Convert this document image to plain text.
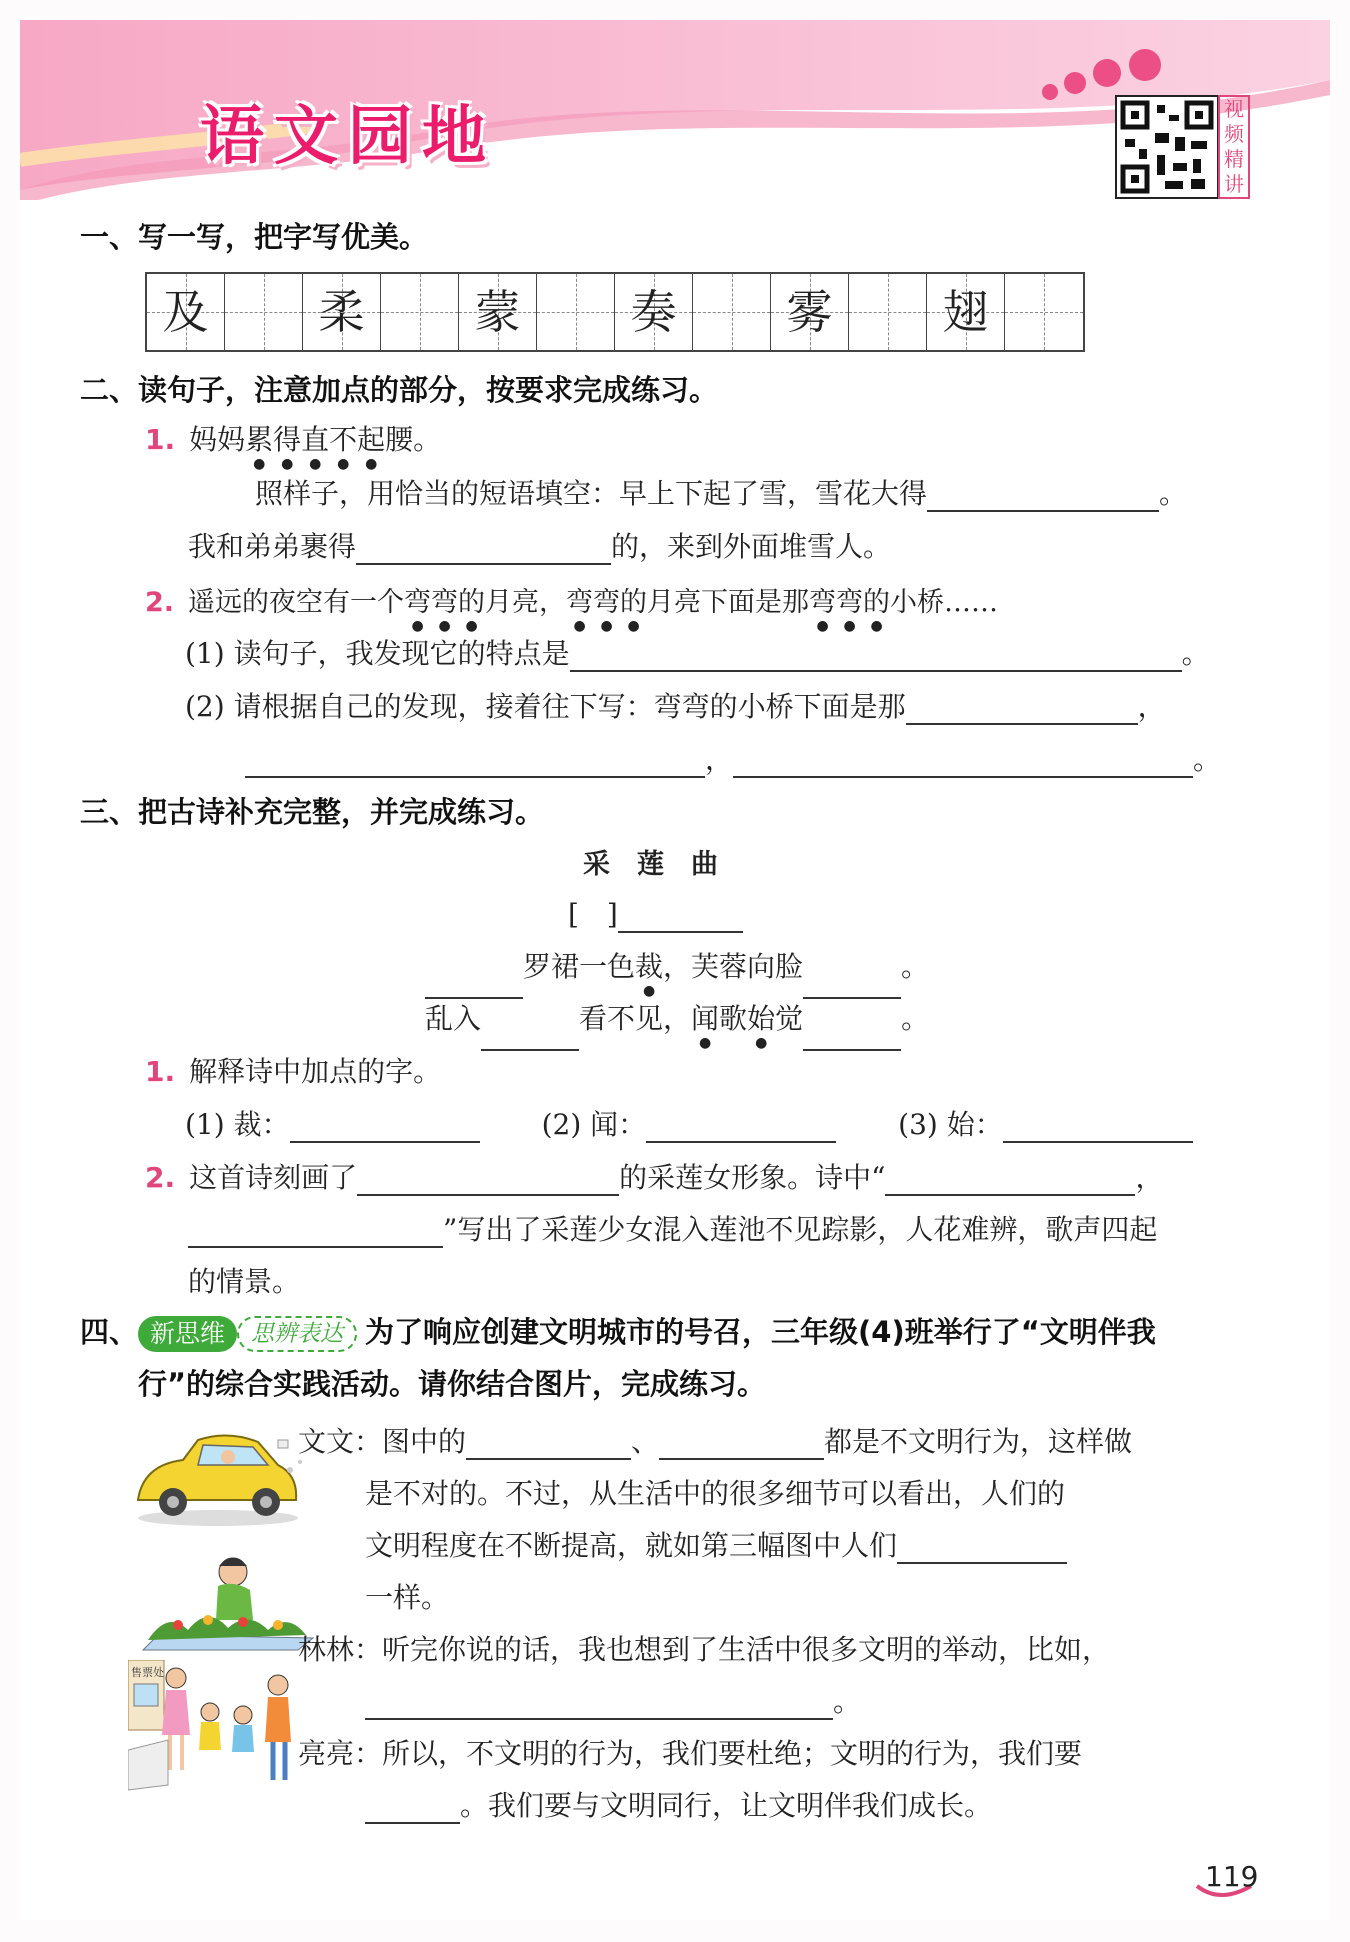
语文园地	视频精讲
一、写一写，把字写优美。
及	柔	蒙	奏	雾	翅
二、读句子，注意加点的部分，按要求完成练习。
1. 妈妈累得直不起腰。
照样子，用恰当的短语填空：早上下起了雪，雪花大得	。
我和弟弟裹得	的，来到外面堆雪人。
2. 遥远的夜空有一个弯弯的月亮，弯弯的月亮下面是那弯弯的小桥……
(1) 读句子，我发现它的特点是	。
(2) 请根据自己的发现，接着往下写：弯弯的小桥下面是那	，
，	。
三、把古诗补充完整，并完成练习。
采　莲　曲
[　]
罗裙一色裁，芙蓉向脸	。
乱入	看不见，闻歌始觉	。
1. 解释诗中加点的字。
(1) 裁：	(2) 闻：	(3) 始：
2. 这首诗刻画了	的采莲女形象。诗中“	，
”写出了采莲少女混入莲池不见踪影，人花难辨，歌声四起
的情景。
四、 新思维 思辨表达 为了响应创建文明城市的号召，三年级(4)班举行了“文明伴我
行”的综合实践活动。请你结合图片，完成练习。
售票处
文文：图中的	、	都是不文明行为，这样做
是不对的。不过，从生活中的很多细节可以看出，人们的
文明程度在不断提高，就如第三幅图中人们
一样。
林林：听完你说的话，我也想到了生活中很多文明的举动，比如，
。
亮亮：所以，不文明的行为，我们要杜绝；文明的行为，我们要
。我们要与文明同行，让文明伴我们成长。
119
